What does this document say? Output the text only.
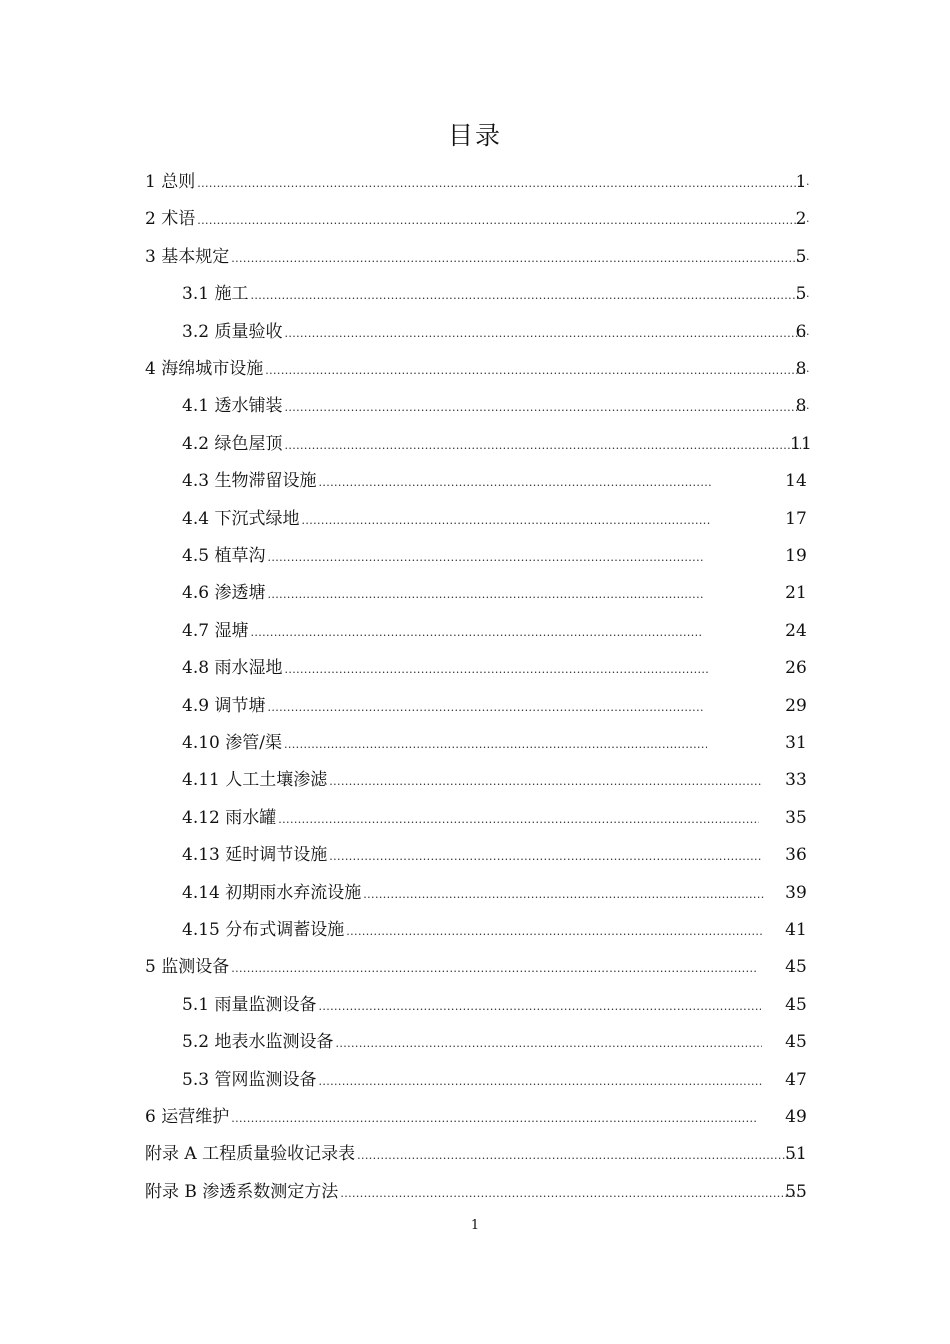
目录
1 总则 .....	1 .
2 术语 .....	2 .
3 基本规定 .....	5 .
3.1 施工 .....	5 .
3.2 质量验收 .....	6 .
4 海绵城市设施 .....	8 .
4.1 透水铺装 .....	8 .
4.2 绿色屋顶 .....	11
4.3 生物滞留设施 .....	14
4.4 下沉式绿地 .....	17
4.5 植草沟 .....	19
4.6 渗透塘 .....	21
4.7 湿塘 .....	24
4.8 雨水湿地 .....	26
4.9 调节塘 .....	29
4.10 渗管/渠 .....	31
4.11 人工土壤渗滤 .....	33
4.12 雨水罐 .....	35
4.13 延时调节设施 .....	36
4.14 初期雨水弃流设施 .....	39
4.15 分布式调蓄设施 .....	41
5 监测设备 .....	45
5.1 雨量监测设备 .....	45
5.2 地表水监测设备 .....	45
5.3 管网监测设备 .....	47
6 运营维护 .....	49
附录 A 工程质量验收记录表 .....	51
附录 B 渗透系数测定方法 .....	55
1
